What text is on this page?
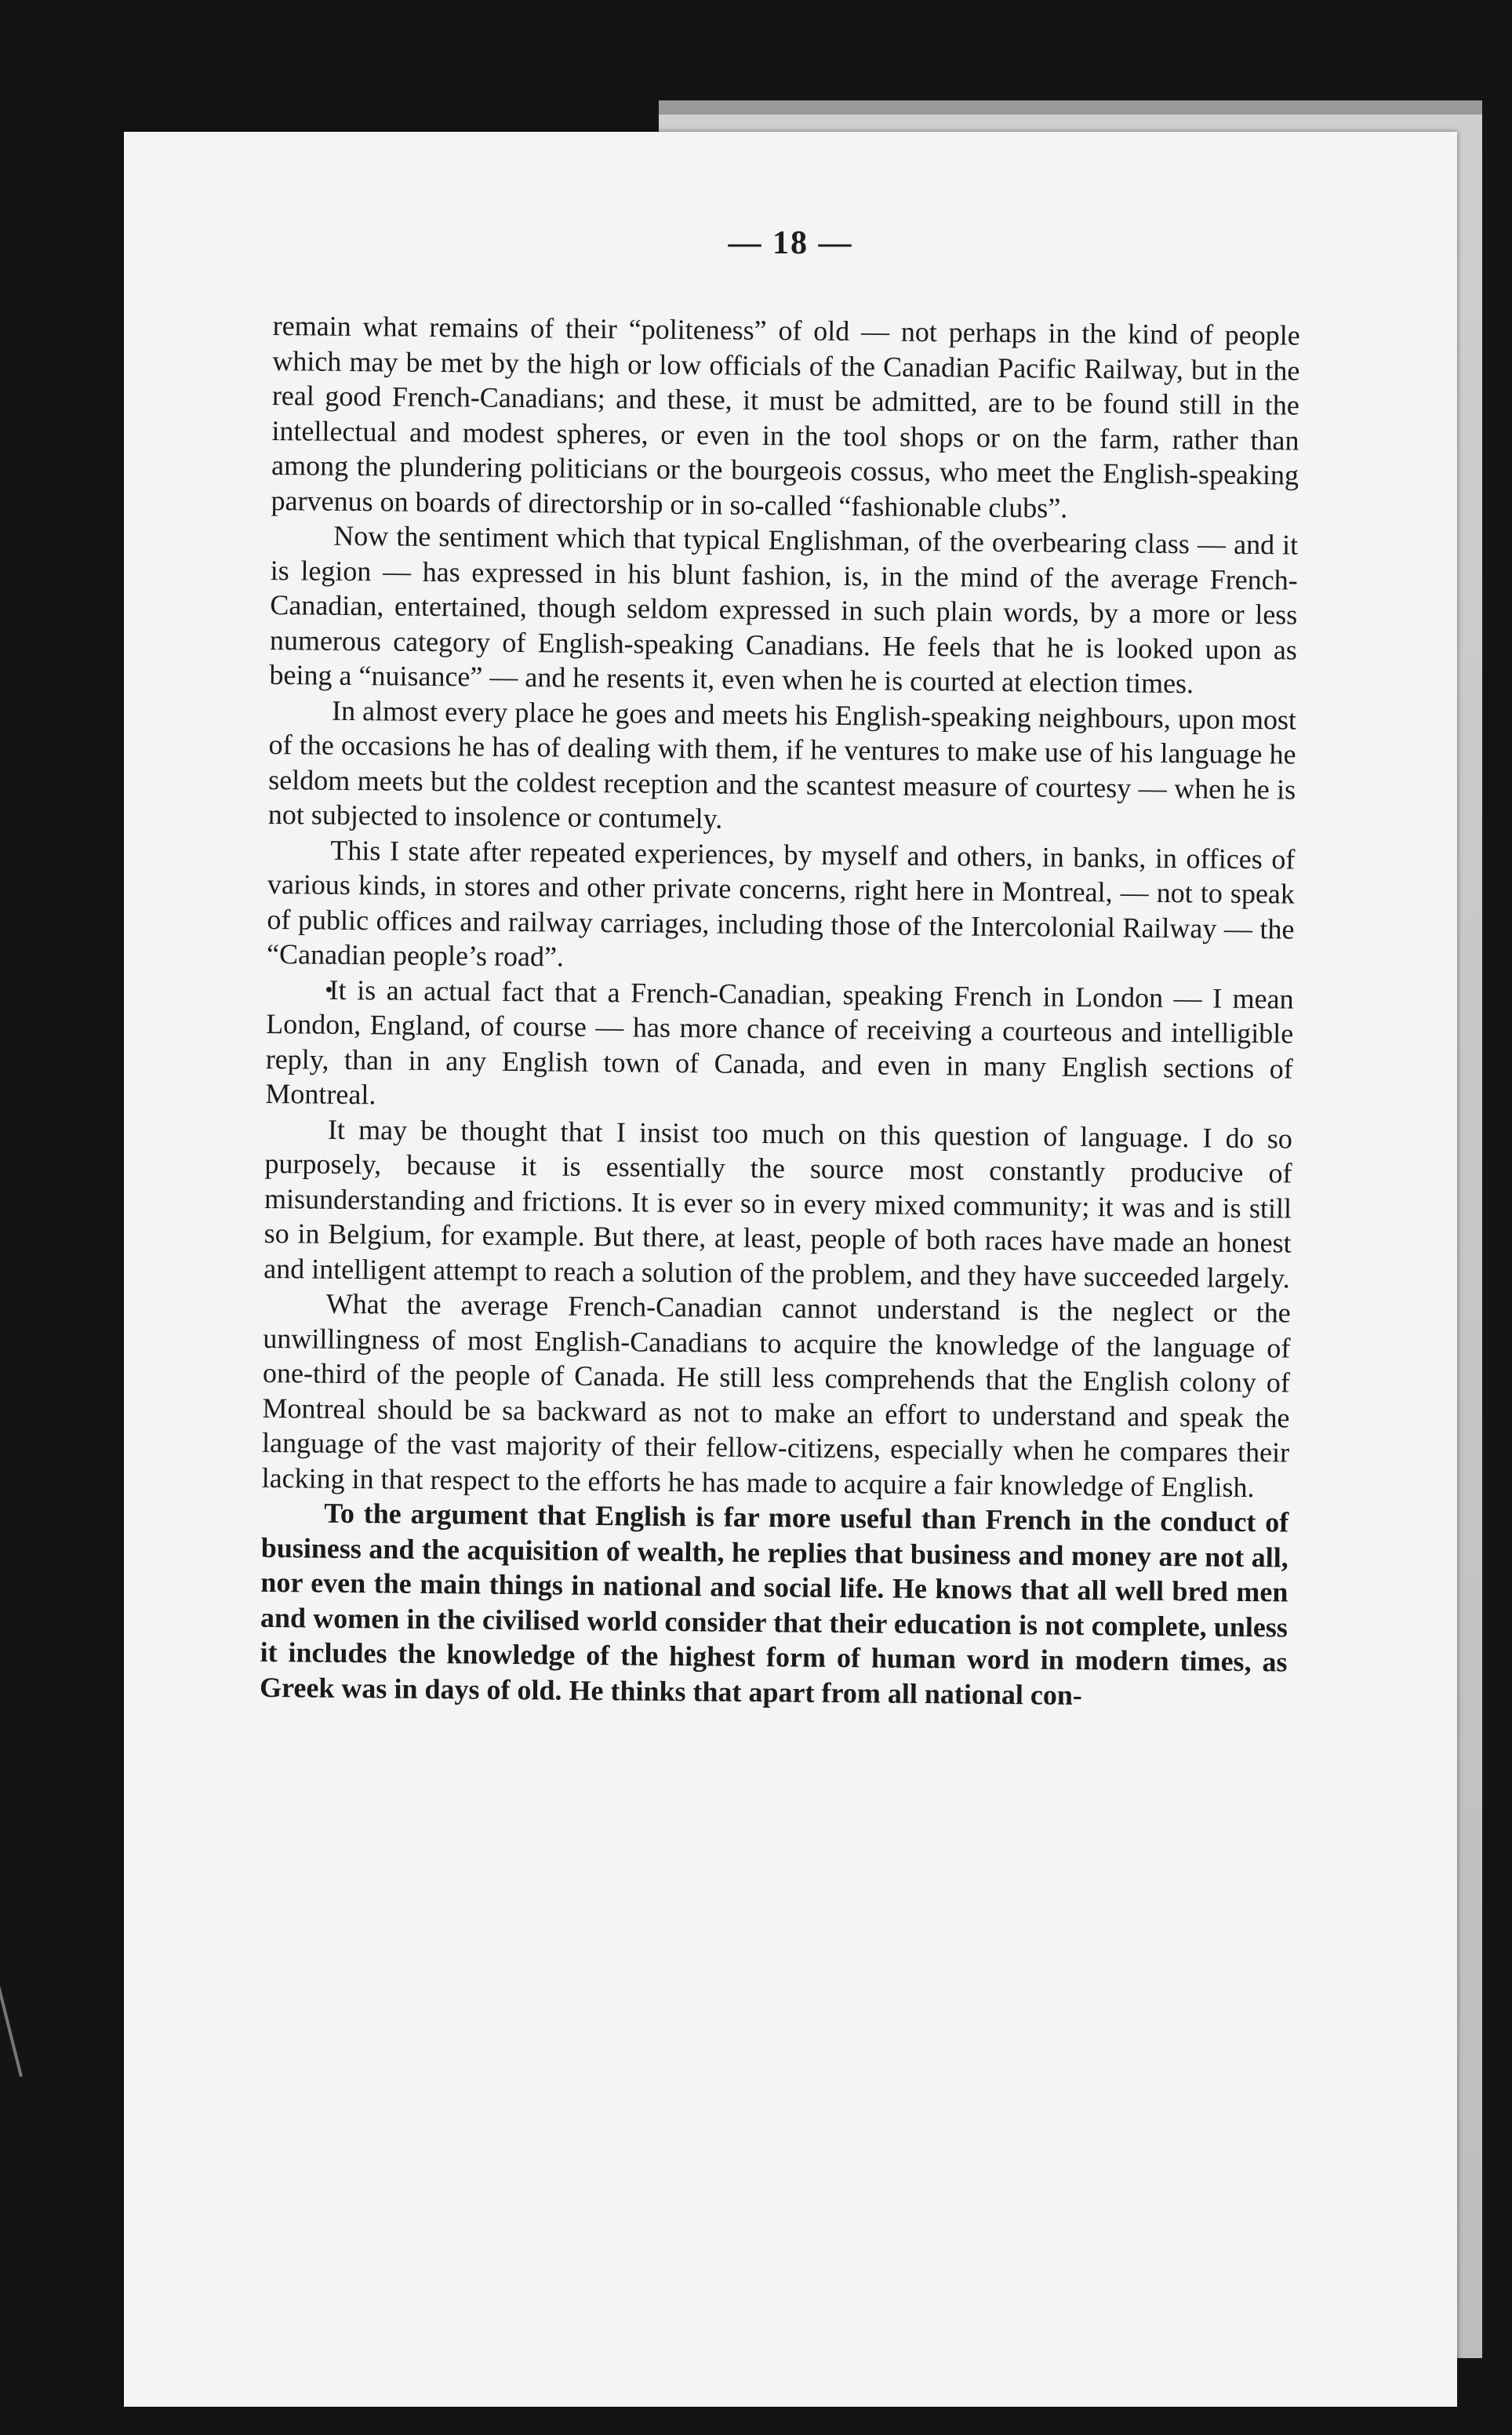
— 18 —

remain what remains of their “politeness” of old — not perhaps in the kind of people which may be met by the high or low officials of the Canadian Pacific Railway, but in the real good French-Canadians; and these, it must be admitted, are to be found still in the intellectual and modest spheres, or even in the tool shops or on the farm, rather than among the plundering politicians or the bourgeois cossus, who meet the English-speaking parvenus on boards of directorship or in so-called “fashionable clubs”.

Now the sentiment which that typical Englishman, of the overbearing class — and it is legion — has expressed in his blunt fashion, is, in the mind of the average French-Canadian, entertained, though seldom expressed in such plain words, by a more or less numerous category of English-speaking Canadians. He feels that he is looked upon as being a “nuisance” — and he resents it, even when he is courted at election times.

In almost every place he goes and meets his English-speaking neighbours, upon most of the occasions he has of dealing with them, if he ventures to make use of his language he seldom meets but the coldest reception and the scantest measure of courtesy — when he is not subjected to insolence or contumely.

This I state after repeated experiences, by myself and others, in banks, in offices of various kinds, in stores and other private concerns, right here in Montreal, — not to speak of public offices and railway carriages, including those of the Intercolonial Railway — the “Canadian people’s road”.

It is an actual fact that a French-Canadian, speaking French in London — I mean London, England, of course — has more chance of receiving a courteous and intelligible reply, than in any English town of Canada, and even in many English sections of Montreal.

It may be thought that I insist too much on this question of language. I do so purposely, because it is essentially the source most constantly producive of misunderstanding and frictions. It is ever so in every mixed community; it was and is still so in Belgium, for example. But there, at least, people of both races have made an honest and intelligent attempt to reach a solution of the problem, and they have succeeded largely.

What the average French-Canadian cannot understand is the neglect or the unwillingness of most English-Canadians to acquire the knowledge of the language of one-third of the people of Canada. He still less comprehends that the English colony of Montreal should be sa backward as not to make an effort to understand and speak the language of the vast majority of their fellow-citizens, especially when he compares their lacking in that respect to the efforts he has made to acquire a fair knowledge of English.

To the argument that English is far more useful than French in the conduct of business and the acquisition of wealth, he replies that business and money are not all, nor even the main things in national and social life. He knows that all well bred men and women in the civilised world consider that their education is not complete, unless it includes the knowledge of the highest form of human word in modern times, as Greek was in days of old. He thinks that apart from all national con-
